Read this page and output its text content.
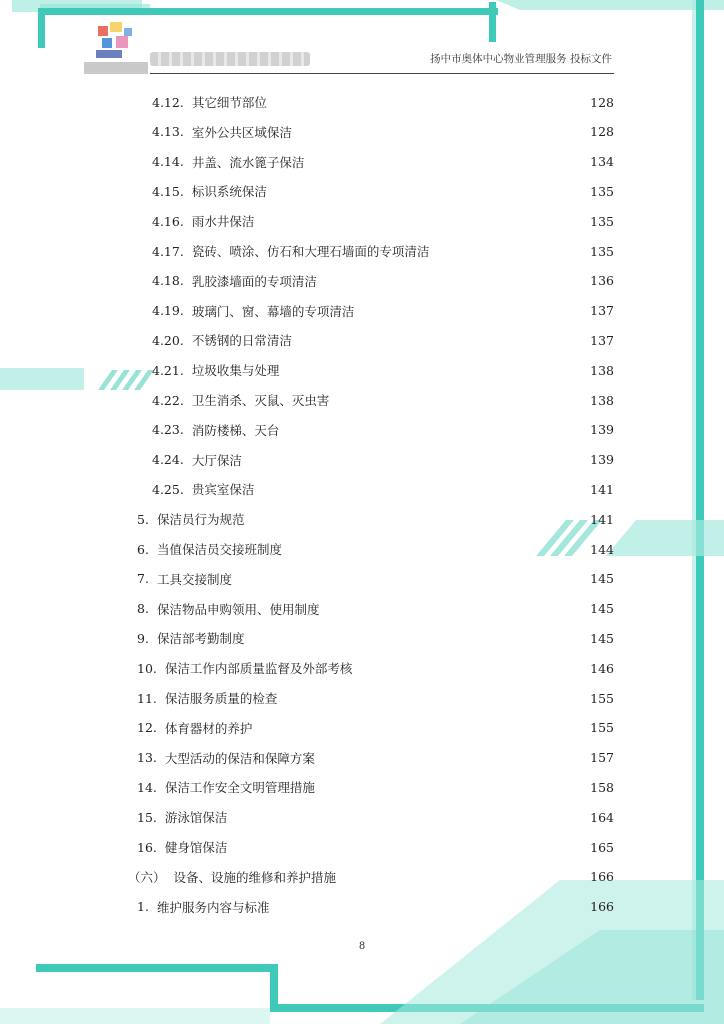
扬中市奥体中心物业管理服务 投标文件
4.12. 其它细节部位	128
4.13. 室外公共区域保洁	128
4.14. 井盖、流水篦子保洁	134
4.15. 标识系统保洁	135
4.16. 雨水井保洁	135
4.17. 瓷砖、喷涂、仿石和大理石墙面的专项清洁	135
4.18. 乳胶漆墙面的专项清洁	136
4.19. 玻璃门、窗、幕墙的专项清洁	137
4.20. 不锈钢的日常清洁	137
4.21. 垃圾收集与处理	138
4.22. 卫生消杀、灭鼠、灭虫害	138
4.23. 消防楼梯、天台	139
4.24. 大厅保洁	139
4.25. 贵宾室保洁	141
5. 保洁员行为规范	141
6. 当值保洁员交接班制度	144
7. 工具交接制度	145
8. 保洁物品申购领用、使用制度	145
9. 保洁部考勤制度	145
10. 保洁工作内部质量监督及外部考核	146
11. 保洁服务质量的检查	155
12. 体育器材的养护	155
13. 大型活动的保洁和保障方案	157
14. 保洁工作安全文明管理措施	158
15. 游泳馆保洁	164
16. 健身馆保洁	165
（六） 设备、设施的维修和养护措施	166
1. 维护服务内容与标准	166
8
